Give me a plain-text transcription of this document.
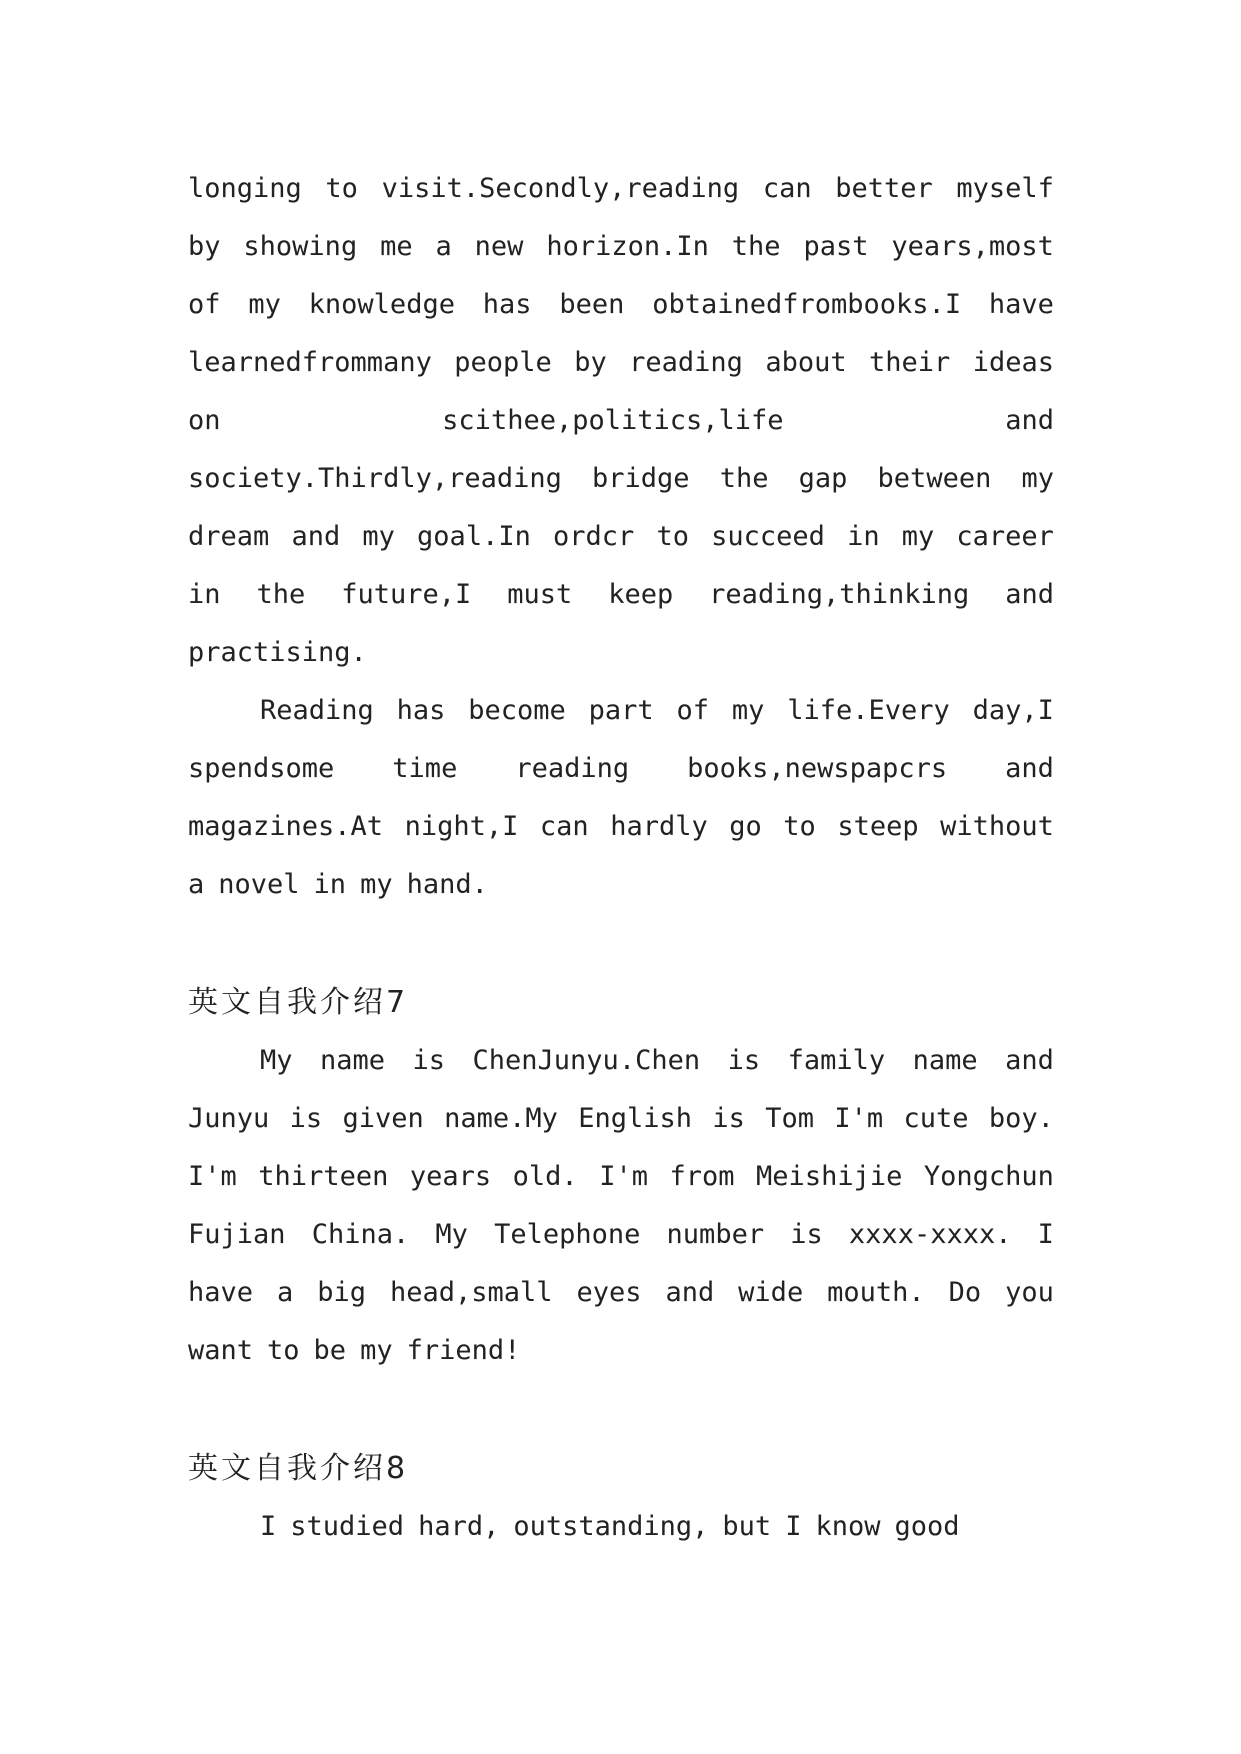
longing to visit.Secondly,reading can better myself
by showing me a new horizon.In the past years,most
of my knowledge has been obtainedfrombooks.I have
learnedfrommany people by reading about their ideas
on	scithee,politics,life	and
society.Thirdly,reading bridge the gap between my
dream and my goal.In ordcr to succeed in my career
in the future,I must keep reading,thinking and
practising.
Reading has become part of my life.Every day,I
spendsome time reading books,newspapcrs and
magazines.At night,I can hardly go to steep without
a novel in my hand.
英文自我介绍7
My name is ChenJunyu.Chen is family name and
Junyu is given name.My English is Tom I'm cute boy.
I'm thirteen years old. I'm from Meishijie Yongchun
Fujian China. My Telephone number is xxxx-xxxx. I
have a big head,small eyes and wide mouth. Do you
want to be my friend!
英文自我介绍8
I studied hard, outstanding, but I know good
